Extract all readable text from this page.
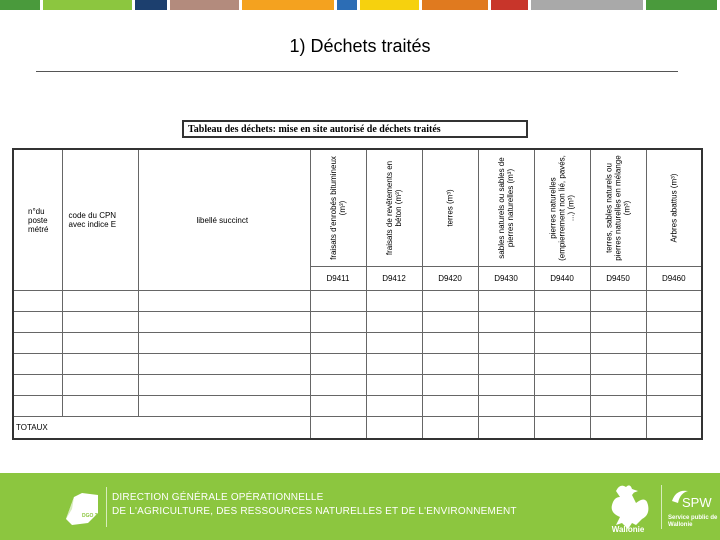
1) Déchets traités
Tableau des déchets: mise en site autorisé de déchets traités
n°du poste métré	code du CPN avec indice E	libellé succinct	fraisats d'enrobés bitumineux (m³)	fraisats de revêtements en béton (m³)	terres (m³)	sables naturels ou sables de pierres naturelles (m³)	pierres naturelles (empierrement non lié, pavés, ...) (m³)	terres, sables naturels ou pierres naturelles en mélange (m³)	Arbres abattus (m³)

			D9411	D9412	D9420	D9430	D9440	D9450	D9460

TOTAUX									
DGO 3
DIRECTION GÉNÉRALE OPÉRATIONNELLE
DE L'AGRICULTURE, DES RESSOURCES NATURELLES ET DE L'ENVIRONNEMENT
Wallonie
SPW
Service public de Wallonie
